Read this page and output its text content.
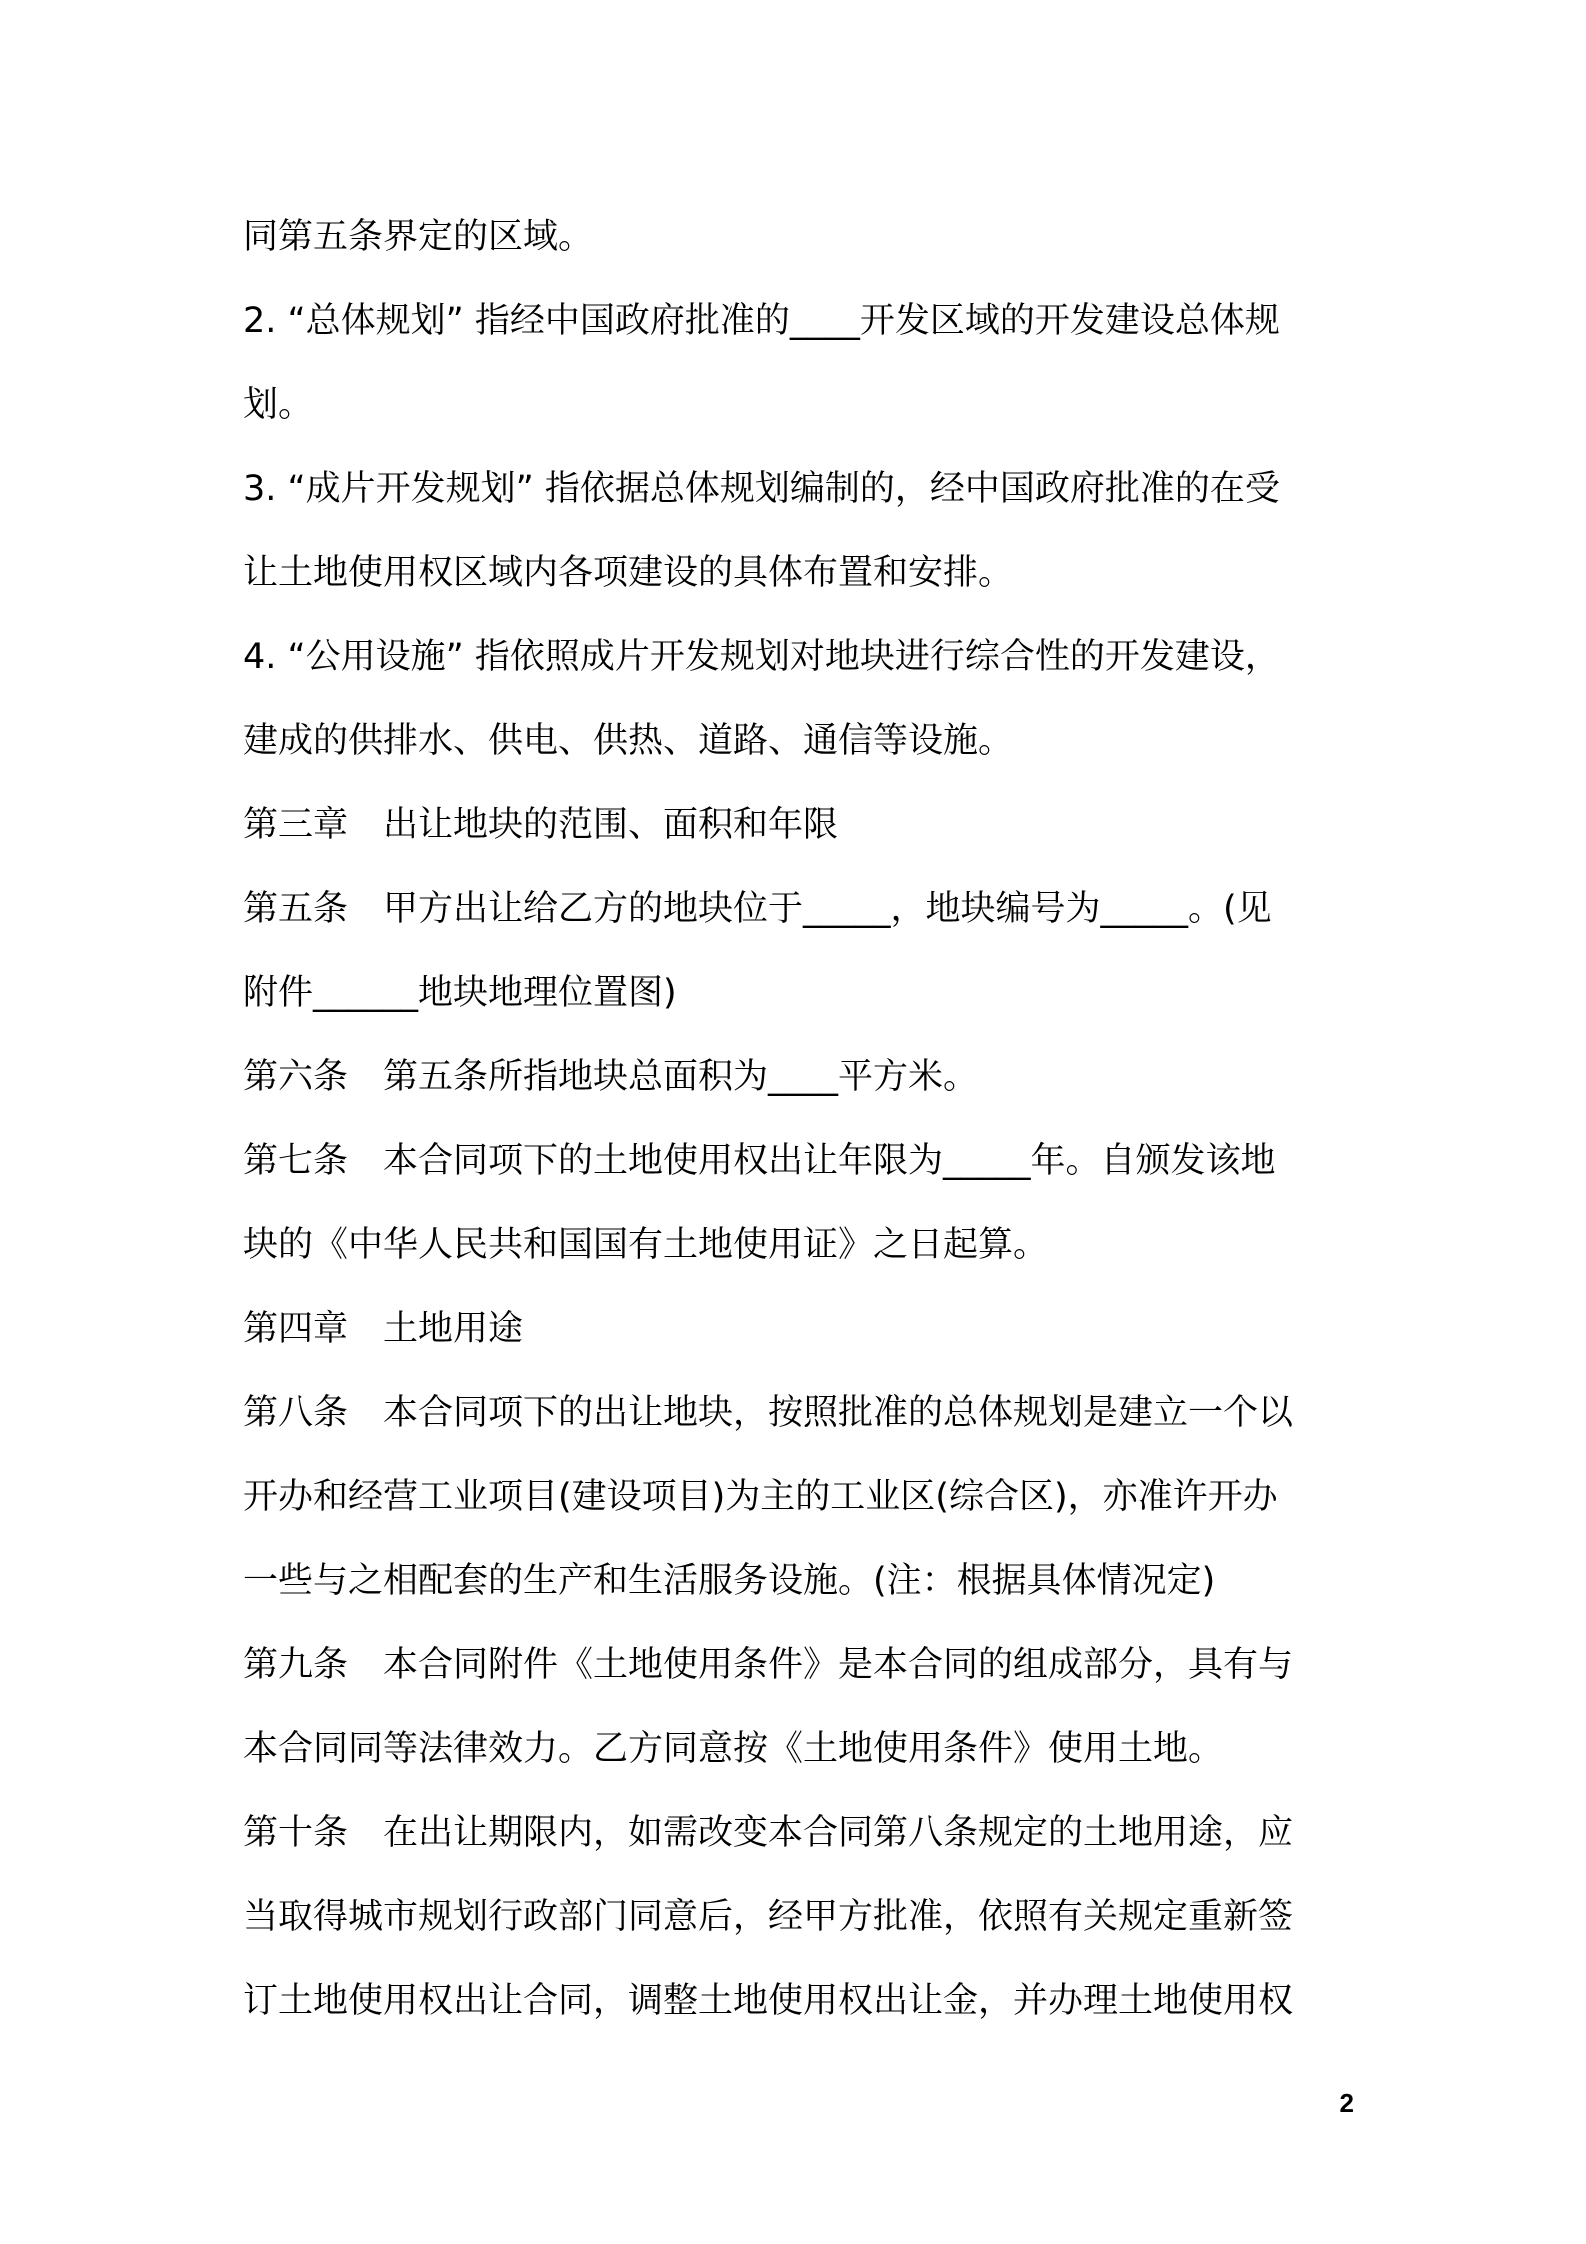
同第五条界定的区域。
2. “总体规划” 指经中国政府批准的____开发区域的开发建设总体规
划。
3. “成片开发规划” 指依据总体规划编制的，经中国政府批准的在受
让土地使用权区域内各项建设的具体布置和安排。
4. “公用设施” 指依照成片开发规划对地块进行综合性的开发建设，
建成的供排水、供电、供热、道路、通信等设施。
第三章　出让地块的范围、面积和年限
第五条　甲方出让给乙方的地块位于_____，地块编号为_____。(见
附件______地块地理位置图)
第六条　第五条所指地块总面积为____平方米。
第七条　本合同项下的土地使用权出让年限为_____年。自颁发该地
块的《中华人民共和国国有土地使用证》之日起算。
第四章　土地用途
第八条　本合同项下的出让地块，按照批准的总体规划是建立一个以
开办和经营工业项目(建设项目)为主的工业区(综合区)，亦准许开办
一些与之相配套的生产和生活服务设施。(注：根据具体情况定)
第九条　本合同附件《土地使用条件》是本合同的组成部分，具有与
本合同同等法律效力。乙方同意按《土地使用条件》使用土地。
第十条　在出让期限内，如需改变本合同第八条规定的土地用途，应
当取得城市规划行政部门同意后，经甲方批准，依照有关规定重新签
订土地使用权出让合同，调整土地使用权出让金，并办理土地使用权
2
